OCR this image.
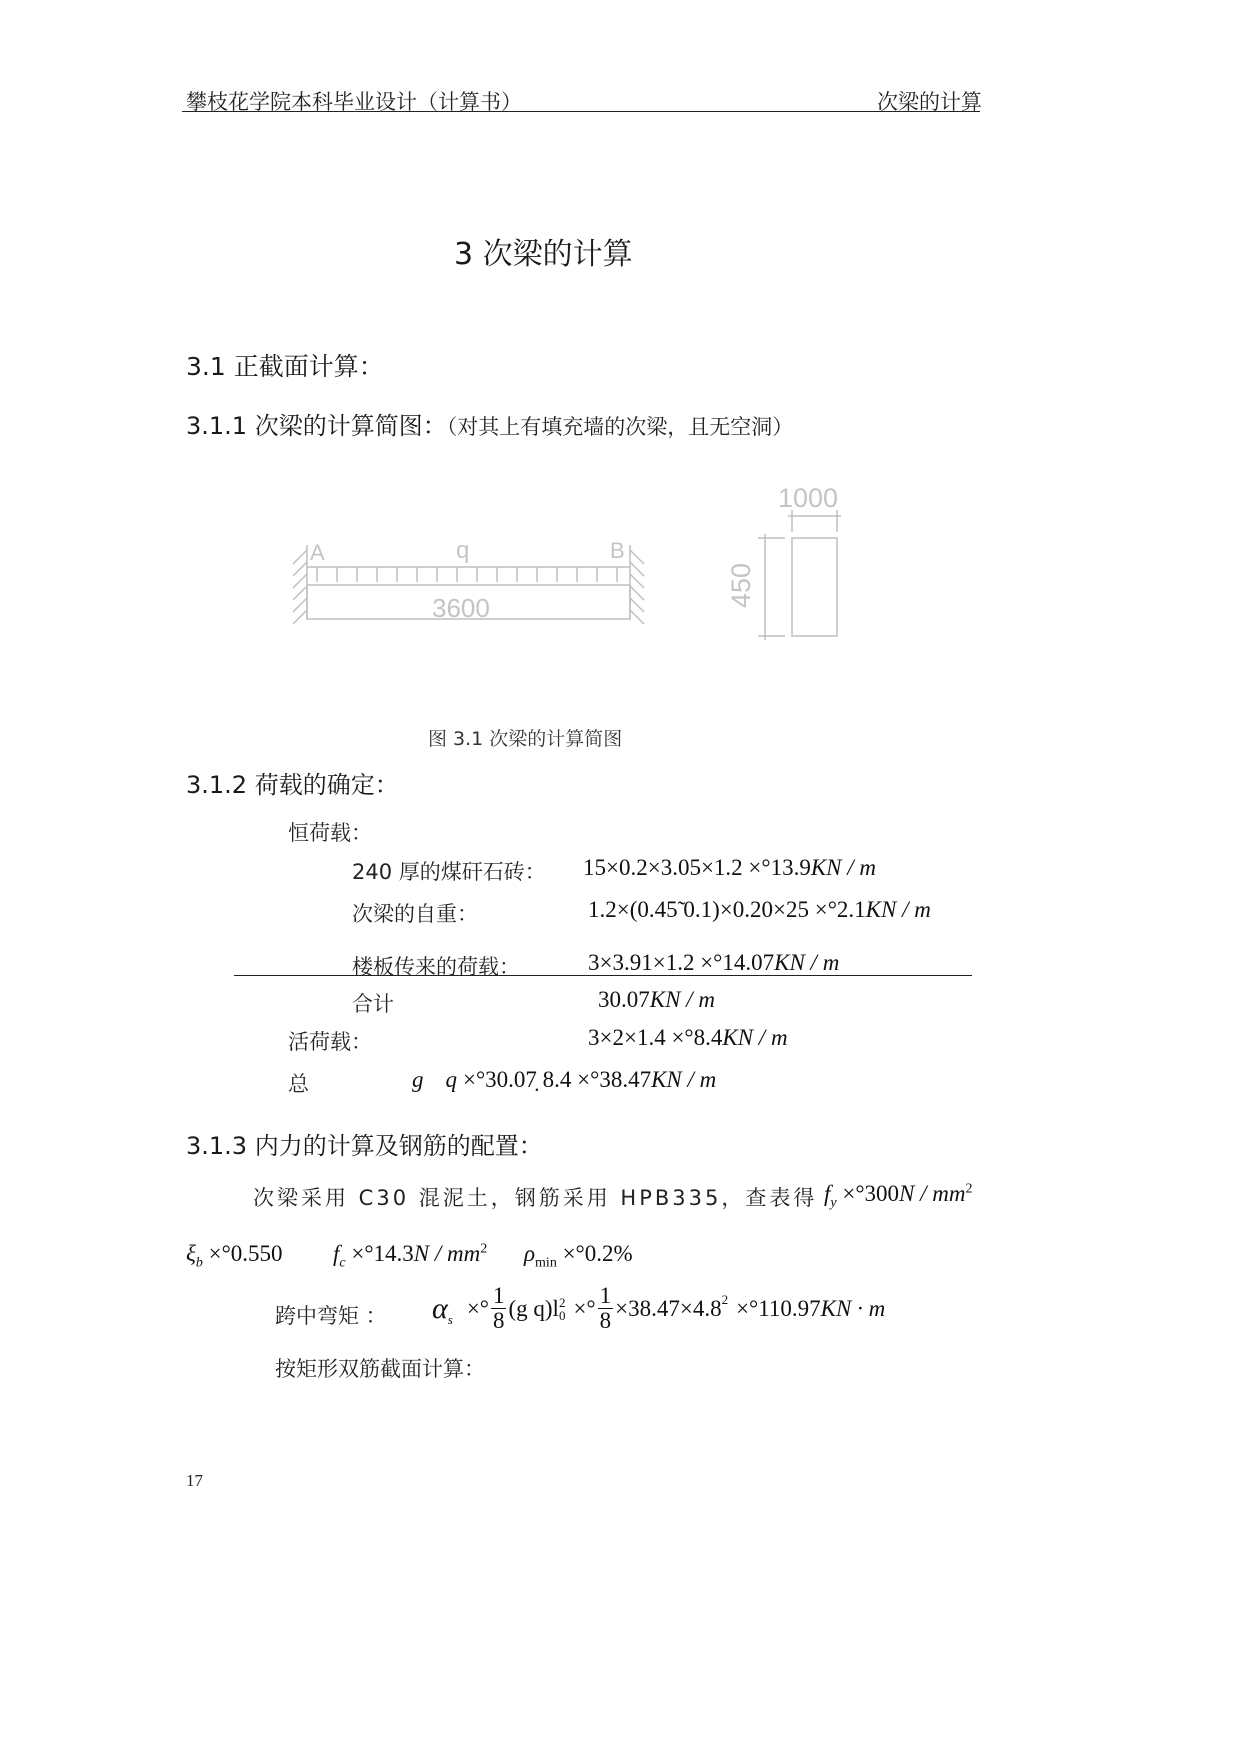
攀枝花学院本科毕业设计（计算书）	次梁的计算
3 次梁的计算
3.1 正截面计算：
3.1.1 次梁的计算简图：（对其上有填充墙的次梁，且无空洞）
A	q	B
3600
1000
450
图 3.1 次梁的计算简图
3.1.2 荷载的确定：
恒荷载：
240 厚的煤矸石砖： 15×0.2×3.05×1.2 ×°13.9KN / m
次梁的自重：	1.2×(0.45̃ 0.1)×0.20×25 ×°2.1KN / m
楼板传来的荷载：	3×3.91×1.2 ×°14.07KN / m
合计	30.07KN / m
活荷载：	3×2×1.4 ×°8.4KN / m
总	g q ×°30.07̣ 8.4 ×°38.47KN / m
3.1.3 内力的计算及钢筋的配置：
次梁采用 C30 混泥土，钢筋采用 HPB335，查表得 $f_y \times^\circ 300N / mm^2$
$\xi_b \times^\circ 0.550$ $f_c \times^\circ 14.3N / mm^2$ $\rho_{min} \times^\circ 0.2\%$
跨中弯矩 ： α $_s$ ×° $\frac{1}{8} (g$ q)l 2
0 ×° $\frac{1}{8} \times 38.47\times 4.8^2 \times^\circ 110.97$ KN · m
按矩形双筋截面计算：
17
